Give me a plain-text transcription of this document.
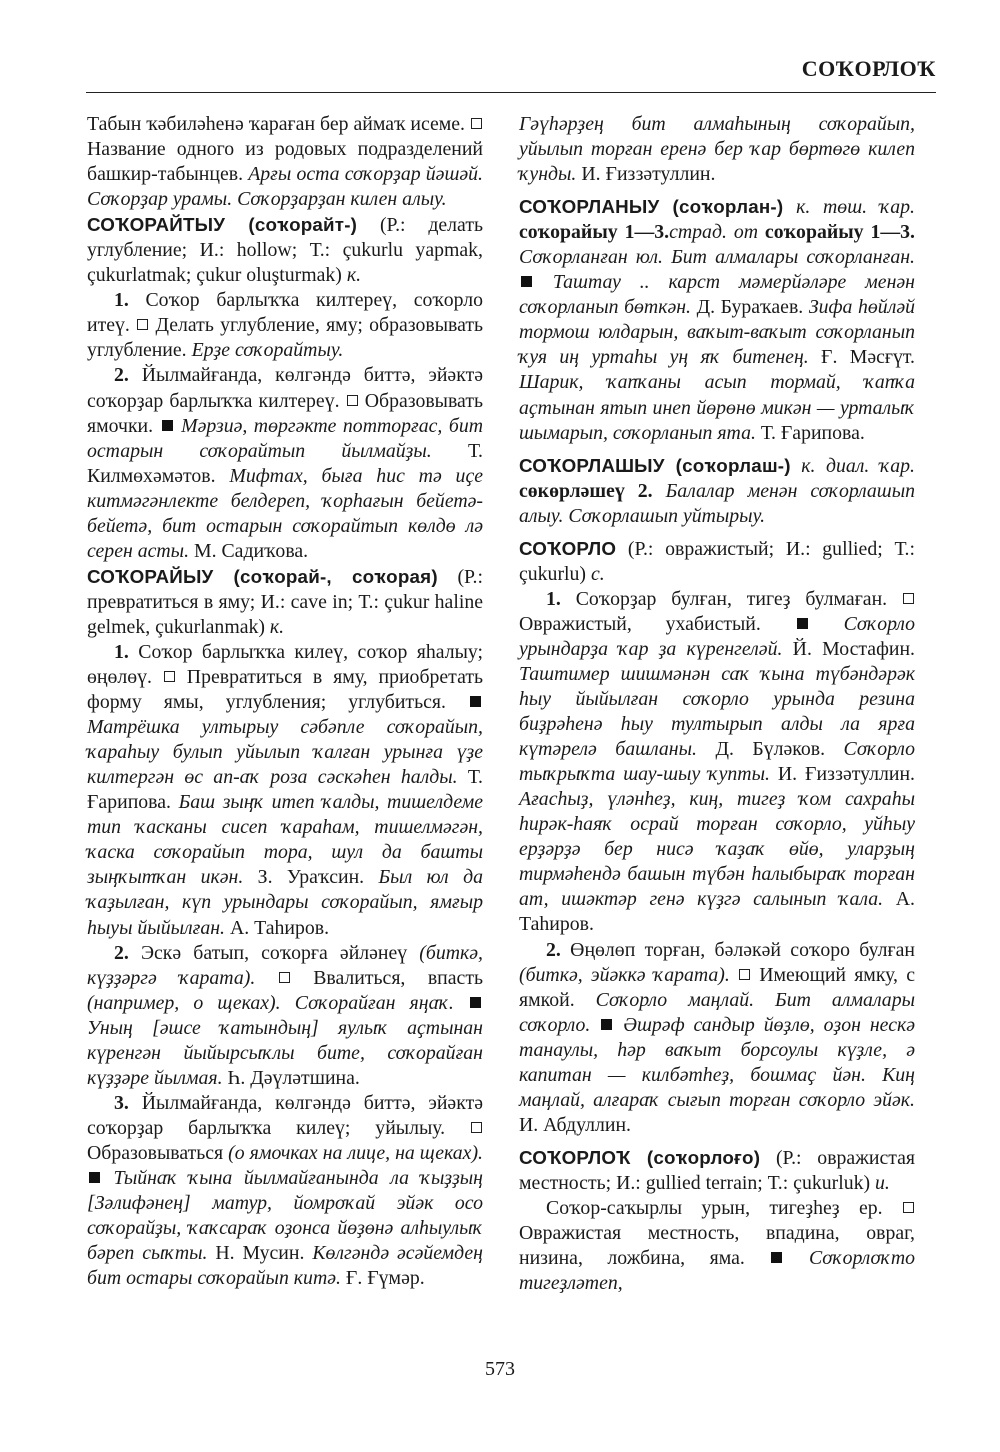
СОҠОРЛОҠ

Табын ҡәбиләһенә ҡараған бер аймаҡ исеме.  Название одного из родовых подразделений башкир-табынцев. Арғы оста соҡорҙар йәшәй. Соҡорҙар урамы. Соҡорҙарҙан килен алыу.

СОҠОРАЙТЫУ (соҡорайт-) (Р.: делать углубление; И.: hollow; Т.: çukurlu yapmak, çukurlatmak; çukur oluşturmak) к.

1. Соҡор барлыҡҡа килтереү, соҡорло итеү. Делать углубление, яму; образовывать углубление. Ерҙе соҡорайтыу.

2. Йылмайғанда, көлгәндә биттә, эйәктә соҡорҙар барлыҡҡа килтереү. Образовывать ямочки. Мәрзиә, төргәкте потторғас, бит остарын соҡорайтып йылмайҙы. Т. Килмөхәмәтов. Мифтах, быға һис тә иҫе китмәгәнлекте белдереп, ҡорһағын бейетә-бейетә, бит остарын соҡорайтып көлдө лә серен асты. М. Садиҡова.

СОҠОРАЙЫУ (соҡорай-, соҡорая) (Р.: превратиться в яму; И.: cave in; Т.: çukur haline gelmek, çukurlanmak) к.

1. Соҡор барлыҡҡа килеү, соҡор яһалыу; өңөлөү. Превратиться в яму, приобретать форму ямы, углубления; углубиться.  Матрёшка ултырыу сәбәпле соҡорайып, ҡараһыу булып уйылып ҡалған урынға үҙе килтергән өс ап-аҡ роза сәскәһен һалды. Т. Ғарипова. Баш зыңҡ итеп ҡалды, тишелдеме тип ҡасканы сисеп ҡараһам, тишелмәгән, ҡаска соҡорайып тора, шул да башты зыңҡытҡан икән. З. Ураҡсин. Был юл да ҡаҙылған, күп урындары соҡорайып, ямғыр һыуы йыйылған. А. Таһиров.

2. Эскә батып, соҡорға әйләнеү (биткә, күҙҙәргә ҡарата).	Ввалиться, впасть (например, о щеках). Соҡорайған яңаҡ.  Уның [әшсе ҡатындың] яулыҡ аҫтынан күренгән йыйырсыҡлы бите, соҡорайған күҙҙәре йылмая. Һ. Дәүләтшина.

3. Йылмайғанда, көлгәндә биттә, эйәктә соҡорҙар барлыҡҡа килеү; уйылыу.  Образовываться (о ямочках на лице, на щеках).  Тыйнаҡ ҡына йылмайғанында ла ҡыҙҙың [Зәлифәнең] матур, йомроҡай эйәк осо соҡорайҙы, ҡаҡсараҡ оҙонса йөҙөнә алһыулыҡ бәреп сыҡты. Н. Мусин. Көлгәндә әсәйемдең бит остары соҡорайып китә. Ғ. Ғүмәр.

Гәүһәрҙең бит алмаһының соҡорайып, уйылып торған еренә бер ҡар бөртөгө килеп ҡунды. И. Ғиззәтуллин.

СОҠОРЛАНЫУ (соҡорлан-) к. төш. ҡар. соҡорайыу 1—3.страд. от соҡорайыу 1—3. Соҡорланған юл. Бит алмалары соҡорланған.  Таштау .. карст мәмерйәләре менән соҡорланып бөткән. Д. Бураҡаев. Зифа һөйләй тормош юлдарын, ваҡыт-ваҡыт соҡорланып ҡуя иң уртаһы уң яҡ битенең. Ғ. Мәсғүт. Шарик, ҡапҡаны асып тормай, ҡапҡа аҫтынан ятып инеп йөрөнө микән — урталыҡ шымарып, соҡорланып ята. Т. Ғарипова.

СОҠОРЛАШЫУ (соҡорлаш-) к. диал. ҡар. сөкөрләшеү 2. Балалар менән соҡорлашып алыу. Соҡорлашып уйтырыу.

СОҠОРЛО (Р.: овражистый; И.: gullied; Т.: çukurlu) с.

1. Соҡорҙар булған, тигеҙ булмаған.  Овражистый, ухабистый.	Соҡорло урындарҙа ҡар ҙа күренгеләй. Й. Мостафин. Таштимер шишмәнән саҡ ҡына түбәндәрәк һыу йыйылған соҡорло урында резина биҙрәһенә һыу тултырып алды ла ярға күтәрелә башланы. Д. Бүләков. Соҡорло тыҡрыҡта шау-шыу ҡупты. И. Ғиззәтуллин. Ағасһыҙ, үләнһеҙ, киң, тигеҙ ҡом сахраһы һирәк-һаяҡ осрай торған соҡорло, уйһыу ерҙәрҙә бер нисә ҡаҙаҡ өйө, уларҙың тирмәһендә башын түбән һалыбыраҡ торған ат, ишәктәр генә күҙгә салынып ҡала. А. Таһиров.

2. Өңөлөп торған, бәләкәй соҡоро булған (биткә, эйәккә ҡарата). Имеющий ямку, с ямкой. Соҡорло маңлай. Бит алмалары соҡорло. Әшрәф сандыр йөҙлө, оҙон нескә танаулы, һәр ваҡыт борсоулы күҙле, ә капитан — килбәтһеҙ, бошмаҫ йән. Киң маңлай, алғараҡ сығып торған соҡорло эйәк. И. Абдуллин.

СОҠОРЛОҠ (соҡорлоғо) (Р.: овражистая местность; И.: gullied terrain; Т.: çukurluk) и.

Соҡор-саҡырлы урын, тигеҙһеҙ ер.  Овражистая местность, впадина, овраг, низина, ложбина, яма.	Соҡорлоҡто тигеҙләтеп,

573
